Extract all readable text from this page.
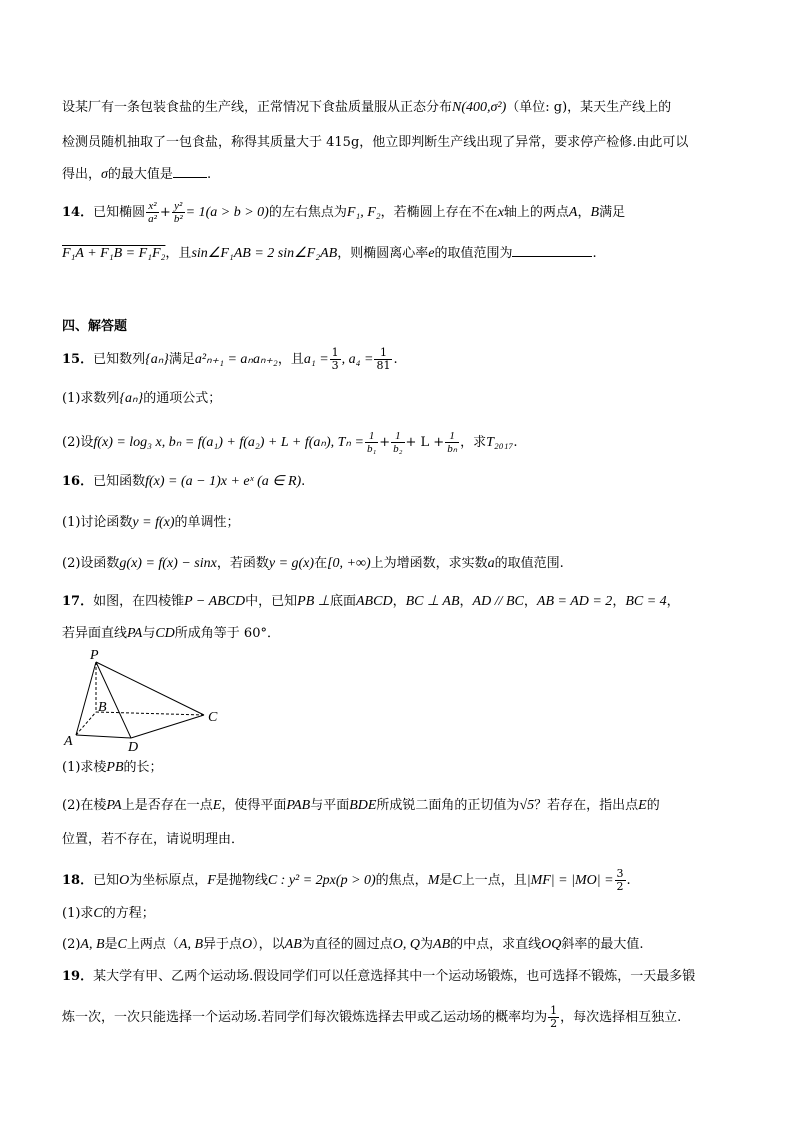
设某厂有一条包装食盐的生产线，正常情况下食盐质量服从正态分布N(400,σ²)（单位: g)，某天生产线上的
检测员随机抽取了一包食盐，称得其质量大于 415g，他立即判断生产线出现了异常，要求停产检修.由此可以
得出，σ的最大值是	.
14．已知椭圆 $\frac{\text{x²}}{\text{a²}} + \frac{\text{y²}}{\text{b²}} = 1(a > b > 0)$的左右焦点为F₁, F₂，若椭圆上存在不在x轴上的两点A，B满足
F₁A + F₁B = F₁F₂，且sin∠F₁AB = 2 sin∠F₂AB，则椭圆离心率e的取值范围为	.
四、解答题
15．已知数列{aₙ}满足a²ₙ₊₁ = aₙaₙ₊₂，且$a_1 = \frac{1}{3}$ , $a_4 = \frac{1}{81}$ .
(1)求数列{aₙ}的通项公式；
(2)设f(x) = log₃ x, bₙ = f(a₁) + f(a₂) + L + f(aₙ), $T_n = \frac{1}{\text{b₁}} + \frac{1}{\text{b₂}} + L + \frac{1}{\text{bₙ}}$ ，求T₂₀₁₇.
16．已知函数f(x) = (a − 1)x + eˣ (a ∈ R).
(1)讨论函数y = f(x)的单调性；
(2)设函数g(x) = f(x) − sinx，若函数y = g(x)在[0, +∞)上为增函数，求实数a的取值范围.
17．如图，在四棱锥P − ABCD中，已知PB ⊥底面ABCD，BC ⊥ AB，AD // BC，AB = AD = 2，BC = 4，
若异面直线PA与CD所成角等于 60°．
P
B
C
A	D
(1)求棱PB的长；
(2)在棱PA上是否存在一点E，使得平面PAB与平面BDE所成锐二面角的正切值为√5？若存在，指出点E的
位置，若不存在，请说明理由．
18．已知O为坐标原点，F是抛物线C : y² = 2px(p > 0)的焦点，M是C上一点，且$|MF| = |MO| = \frac{3}{2}$ .
(1)求C的方程；
(2)A, B是C上两点（A, B异于点O），以AB为直径的圆过点O, Q为AB的中点，求直线OQ斜率的最大值.
19．某大学有甲、乙两个运动场.假设同学们可以任意选择其中一个运动场锻炼，也可选择不锻炼，一天最多锻
炼一次，一次只能选择一个运动场.若同学们每次锻炼选择去甲或乙运动场的概率均为 $\frac{1}{2}$ ，每次选择相互独立.
